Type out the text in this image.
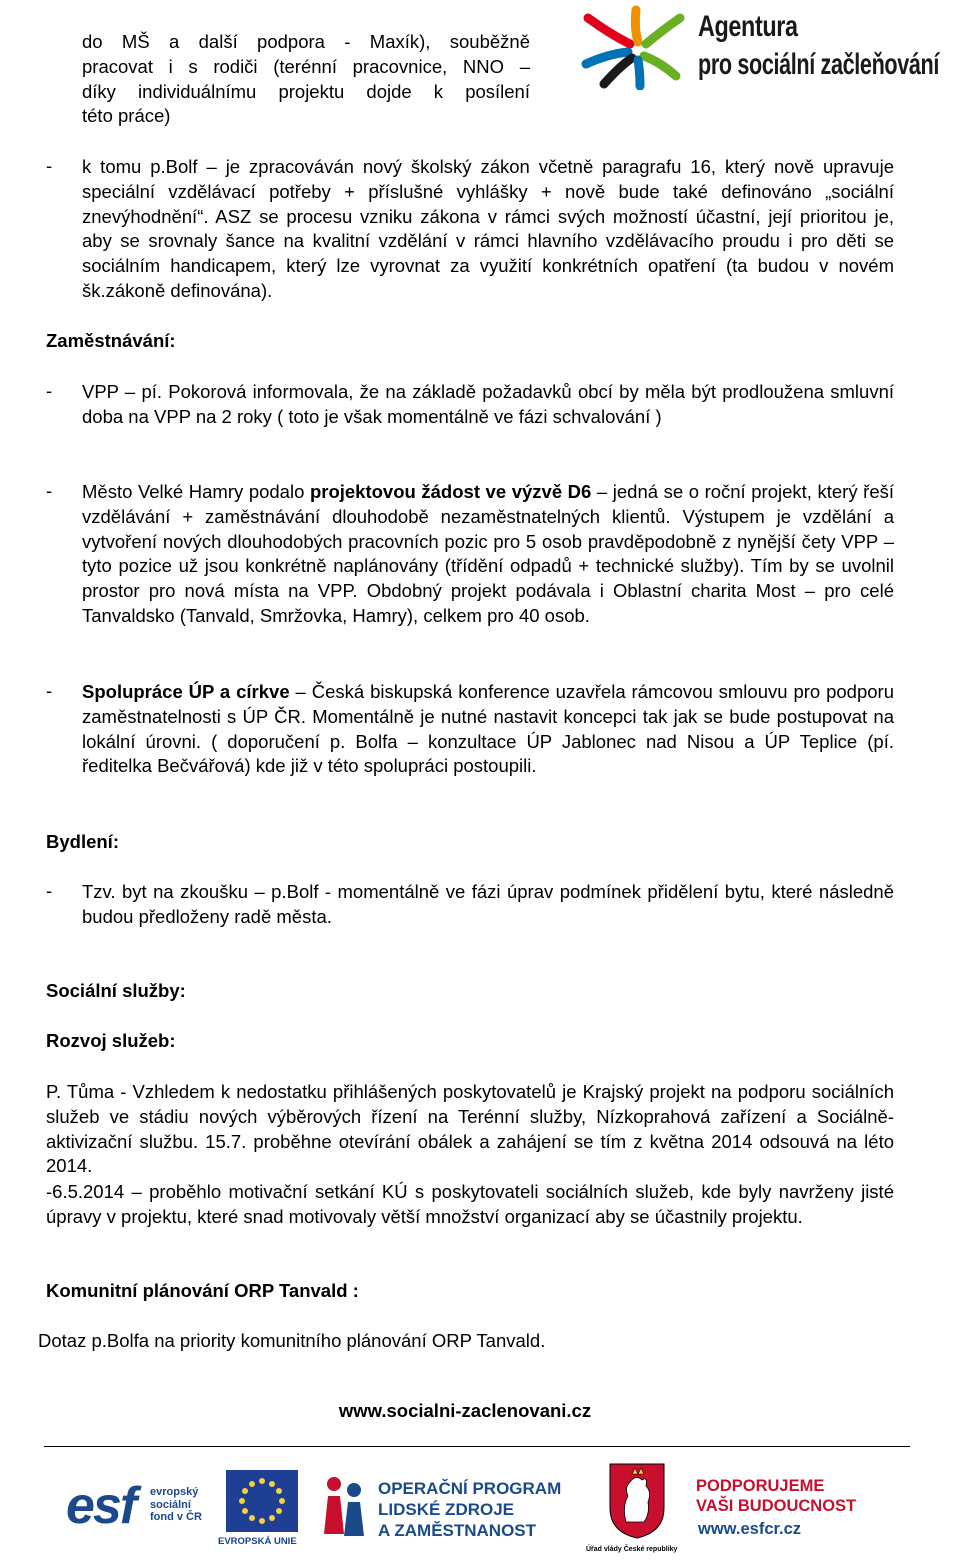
Agentura
pro sociální začleňování
do MŠ a další podpora - Maxík), souběžně
pracovat i s rodiči (terénní pracovnice, NNO –
díky individuálnímu projektu dojde k posílení
této práce)
- k tomu p.Bolf – je zpracováván nový školský zákon včetně paragrafu 16, který nově upravuje speciální vzdělávací potřeby + příslušné vyhlášky + nově bude také definováno „sociální znevýhodnění“. ASZ se procesu vzniku zákona v rámci svých možností účastní, její prioritou je, aby se srovnaly šance na kvalitní vzdělání v rámci hlavního vzdělávacího proudu i pro děti se sociálním handicapem, který lze vyrovnat za využití konkrétních opatření (ta budou v novém šk.zákoně definována).
Zaměstnávání:
- VPP – pí. Pokorová informovala, že na základě požadavků obcí by měla být prodloužena smluvní doba na VPP na 2 roky ( toto je však momentálně ve fázi schvalování )
- Město Velké Hamry podalo projektovou žádost ve výzvě D6 – jedná se o roční projekt, který řeší vzdělávání + zaměstnávání dlouhodobě nezaměstnatelných klientů. Výstupem je vzdělání a vytvoření nových dlouhodobých pracovních pozic pro 5 osob pravděpodobně z nynější čety VPP – tyto pozice už jsou konkrétně naplánovány (třídění odpadů + technické služby). Tím by se uvolnil prostor pro nová místa na VPP. Obdobný projekt podávala i Oblastní charita Most – pro celé Tanvaldsko (Tanvald, Smržovka, Hamry), celkem pro 40 osob.
- Spolupráce ÚP a církve – Česká biskupská konference uzavřela rámcovou smlouvu pro podporu zaměstnatelnosti s ÚP ČR. Momentálně je nutné nastavit koncepci tak jak se bude postupovat na lokální úrovni. ( doporučení p. Bolfa – konzultace ÚP Jablonec nad Nisou a ÚP Teplice (pí. ředitelka Bečvářová) kde již v této spolupráci postoupili.
Bydlení:
- Tzv. byt na zkoušku – p.Bolf - momentálně ve fázi úprav podmínek přidělení bytu, které následně budou předloženy radě města.
Sociální služby:
Rozvoj služeb:
P. Tůma - Vzhledem k nedostatku přihlášených poskytovatelů je Krajský projekt na podporu sociálních služeb ve stádiu nových výběrových řízení na Terénní služby, Nízkoprahová zařízení a Sociálně-aktivizační službu. 15.7. proběhne otevírání obálek a zahájení se tím z května 2014 odsouvá na léto 2014.
-6.5.2014 – proběhlo motivační setkání KÚ s poskytovateli sociálních služeb, kde byly navrženy jisté úpravy v projektu, které snad motivovaly větší množství organizací aby se účastnily projektu.
Komunitní plánování ORP Tanvald :
Dotaz p.Bolfa na priority komunitního plánování ORP Tanvald.
www.socialni-zaclenovani.cz
esf evropský
sociální
fond v ČR
EVROPSKÁ UNIE
OPERAČNÍ PROGRAM
LIDSKÉ ZDROJE
A ZAMĚSTNANOST
Úřad vlády České republiky
PODPORUJEME
VAŠI BUDOUCNOST
www.esfcr.cz
